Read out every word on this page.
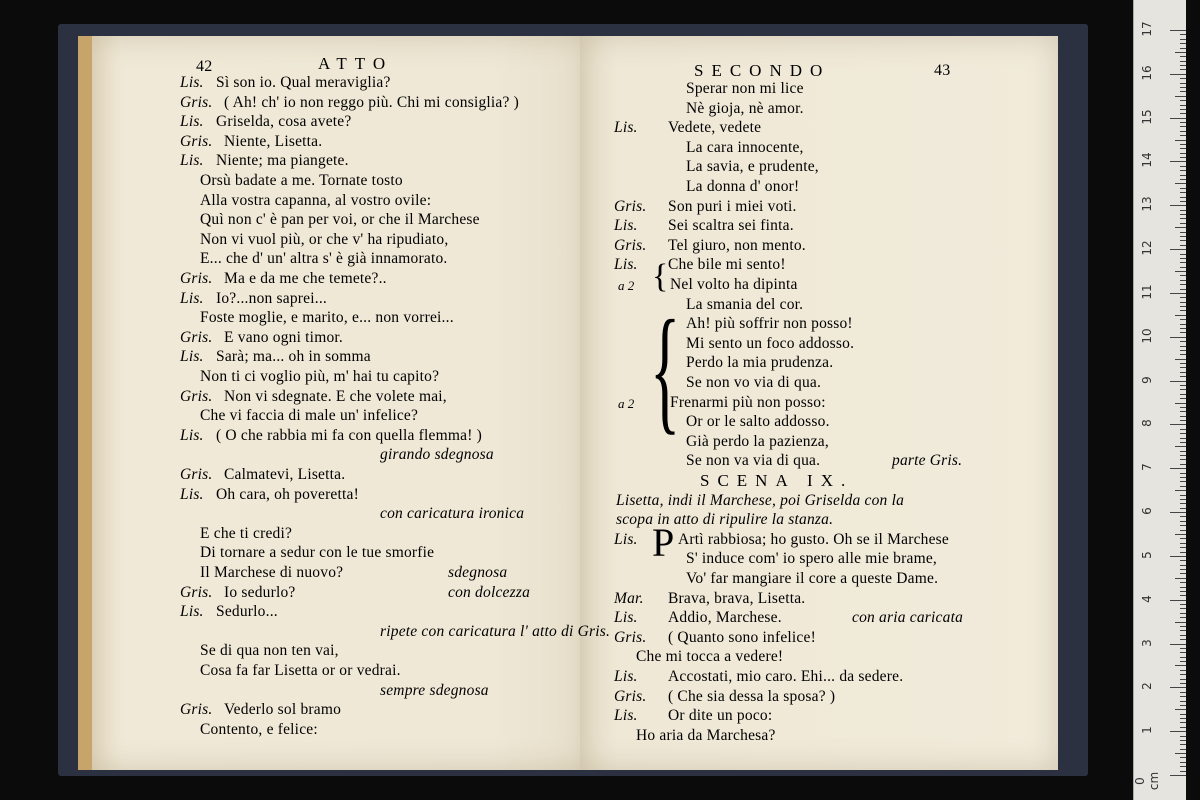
42	ATTO	SECONDO	43
Lis. Sì son io. Qual meraviglia?
Gris. ( Ah! ch' io non reggo più. Chi mi consiglia? )
Lis. Griselda, cosa avete?
Gris. Niente, Lisetta.
Lis. Niente; ma piangete.
Orsù badate a me. Tornate tosto
Alla vostra capanna, al vostro ovile:
Quì non c' è pan per voi, or che il Marchese
Non vi vuol più, or che v' ha ripudiato,
E... che d' un' altra s' è già innamorato.
Gris. Ma e da me che temete?..
Lis. Io?...non saprei...
Foste moglie, e marito, e... non vorrei...
Gris. E vano ogni timor.
Lis. Sarà; ma... oh in somma
Non ti ci voglio più, m' hai tu capito?
Gris. Non vi sdegnate. E che volete mai,
Che vi faccia di male un' infelice?
Lis. ( O che rabbia mi fa con quella flemma! )
girando sdegnosa
Gris. Calmatevi, Lisetta.
Lis. Oh cara, oh poveretta!
con caricatura ironica
E che ti credi?
Di tornare a sedur con le tue smorfie
Il Marchese di nuovo?	sdegnosa
Gris. Io sedurlo?	con dolcezza
Lis. Sedurlo...
ripete con caricatura l' atto di Gris.
Se di qua non ten vai,
Cosa fa far Lisetta or or vedrai.
sempre sdegnosa
Gris. Vederlo sol bramo
Contento, e felice:
Sperar non mi lice
Nè gioja, nè amor.
Lis. Vedete, vedete
La cara innocente,
La savia, e prudente,
La donna d' onor!
Gris. Son puri i miei voti.
Lis. Sei scaltra sei finta.
Gris. Tel giuro, non mento.
Lis. Che bile mi sento!
a 2 Nel volto ha dipinta
La smania del cor.
Ah! più soffrir non posso!
Mi sento un foco addosso.
Perdo la mia prudenza.
Se non vo via di qua.
a 2 Frenarmi più non posso:
Or or le salto addosso.
Già perdo la pazienza,
Se non va via di qua.	parte Gris.
SCENA IX.
Lisetta, indi il Marchese, poi Griselda con la
scopa in atto di ripulire la stanza.
Lis. P Artì rabbiosa; ho gusto. Oh se il Marchese
S' induce com' io spero alle mie brame,
Vo' far mangiare il core a queste Dame.
Mar. Brava, brava, Lisetta.
Lis. Addio, Marchese.	con aria caricata
Gris. ( Quanto sono infelice!
Che mi tocca a vedere!
Lis. Accostati, mio caro. Ehi... da sedere.
Gris. ( Che sia dessa la sposa? )
Lis. Or dite un poco:
Ho aria da Marchesa?
{
{
17
16
15
14
13
12
11
10
9
8
7
6
5
4
3
2
1
0 cm
